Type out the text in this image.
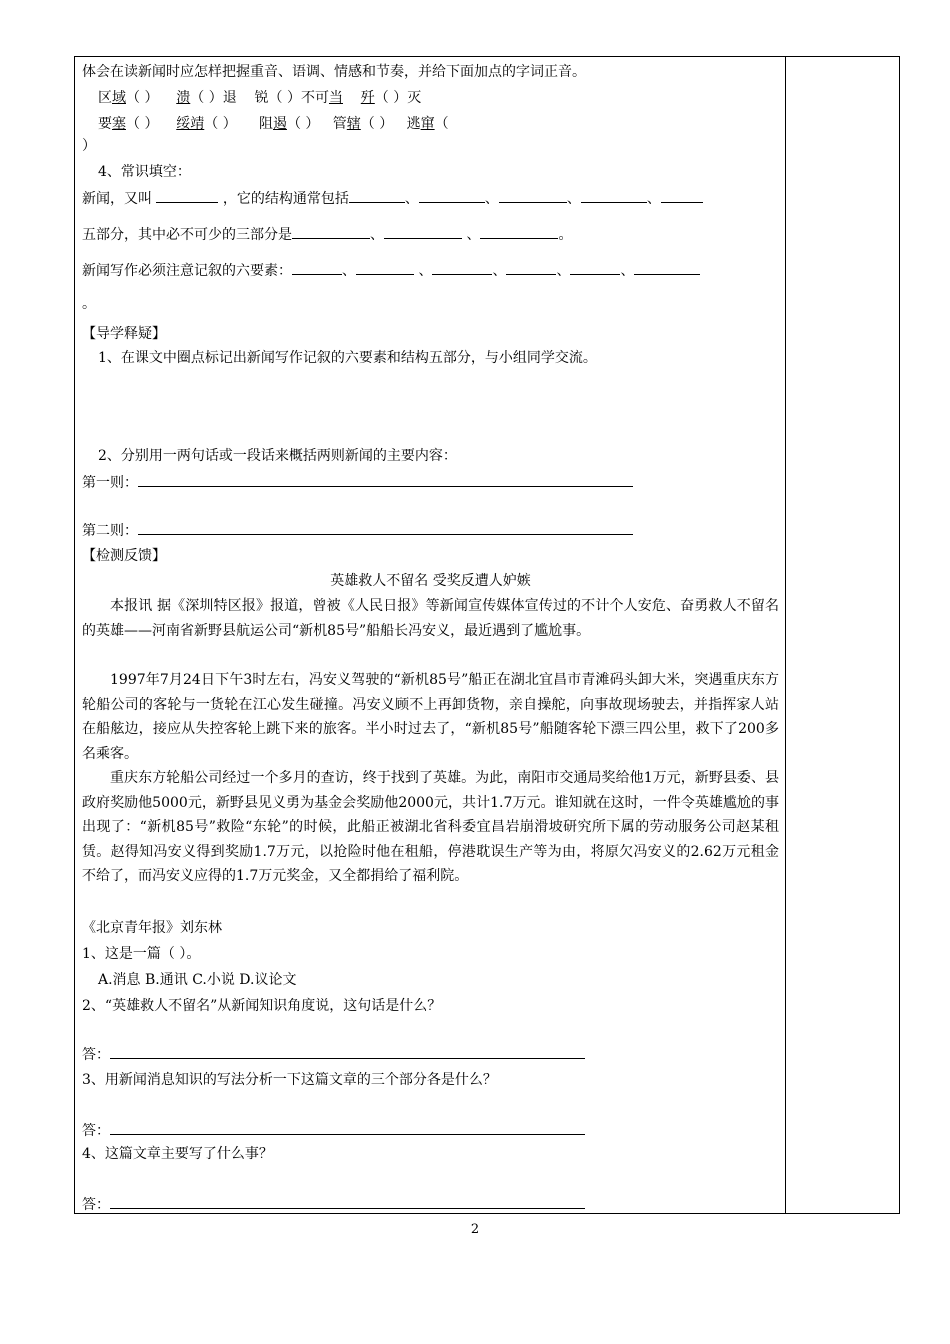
体会在读新闻时应怎样把握重音、语调、情感和节奏，并给下面加点的字词正音。
区域（ ） 溃（ ）退 锐（ ）不可当 歼（ ）灭
要塞（ ） 绥靖（ ） 阻遏（ ） 管辖（ ） 逃窜（
）
4、常识填空：
新闻，又叫	，它的结构通常包括	、	、	、	、
五部分，其中必不可少的三部分是	、	、	。
新闻写作必须注意记叙的六要素：	、	、	、	、	、
。
【导学释疑】
1、在课文中圈点标记出新闻写作记叙的六要素和结构五部分，与小组同学交流。
2、分别用一两句话或一段话来概括两则新闻的主要内容：
第一则：
第二则：
【检测反馈】
英雄救人不留名 受奖反遭人妒嫉
本报讯 据《深圳特区报》报道，曾被《人民日报》等新闻宣传媒体宣传过的不计个人安危、奋勇救人不留名的英雄——河南省新野县航运公司“新机85号”船船长冯安义，最近遇到了尴尬事。
1997年7月24日下午3时左右，冯安义驾驶的“新机85号”船正在湖北宜昌市青滩码头卸大米，突遇重庆东方轮船公司的客轮与一货轮在江心发生碰撞。冯安义顾不上再卸货物，亲自操舵，向事故现场驶去，并指挥家人站在船舷边，接应从失控客轮上跳下来的旅客。半小时过去了，“新机85号”船随客轮下漂三四公里，救下了200多名乘客。
重庆东方轮船公司经过一个多月的查访，终于找到了英雄。为此，南阳市交通局奖给他1万元，新野县委、县政府奖励他5000元，新野县见义勇为基金会奖励他2000元，共计1.7万元。谁知就在这时，一件令英雄尴尬的事出现了：“新机85号”救险“东轮”的时候，此船正被湖北省科委宜昌岩崩滑坡研究所下属的劳动服务公司赵某租赁。赵得知冯安义得到奖励1.7万元，以抢险时他在租船，停港耽误生产等为由，将原欠冯安义的2.62万元租金不给了，而冯安义应得的1.7万元奖金，又全都捐给了福利院。
《北京青年报》刘东林
1、这是一篇（ ）。
A.消息 B.通讯 C.小说 D.议论文
2、“英雄救人不留名”从新闻知识角度说，这句话是什么？
答：
3、用新闻消息知识的写法分析一下这篇文章的三个部分各是什么？
答：
4、这篇文章主要写了什么事？
答：
2
